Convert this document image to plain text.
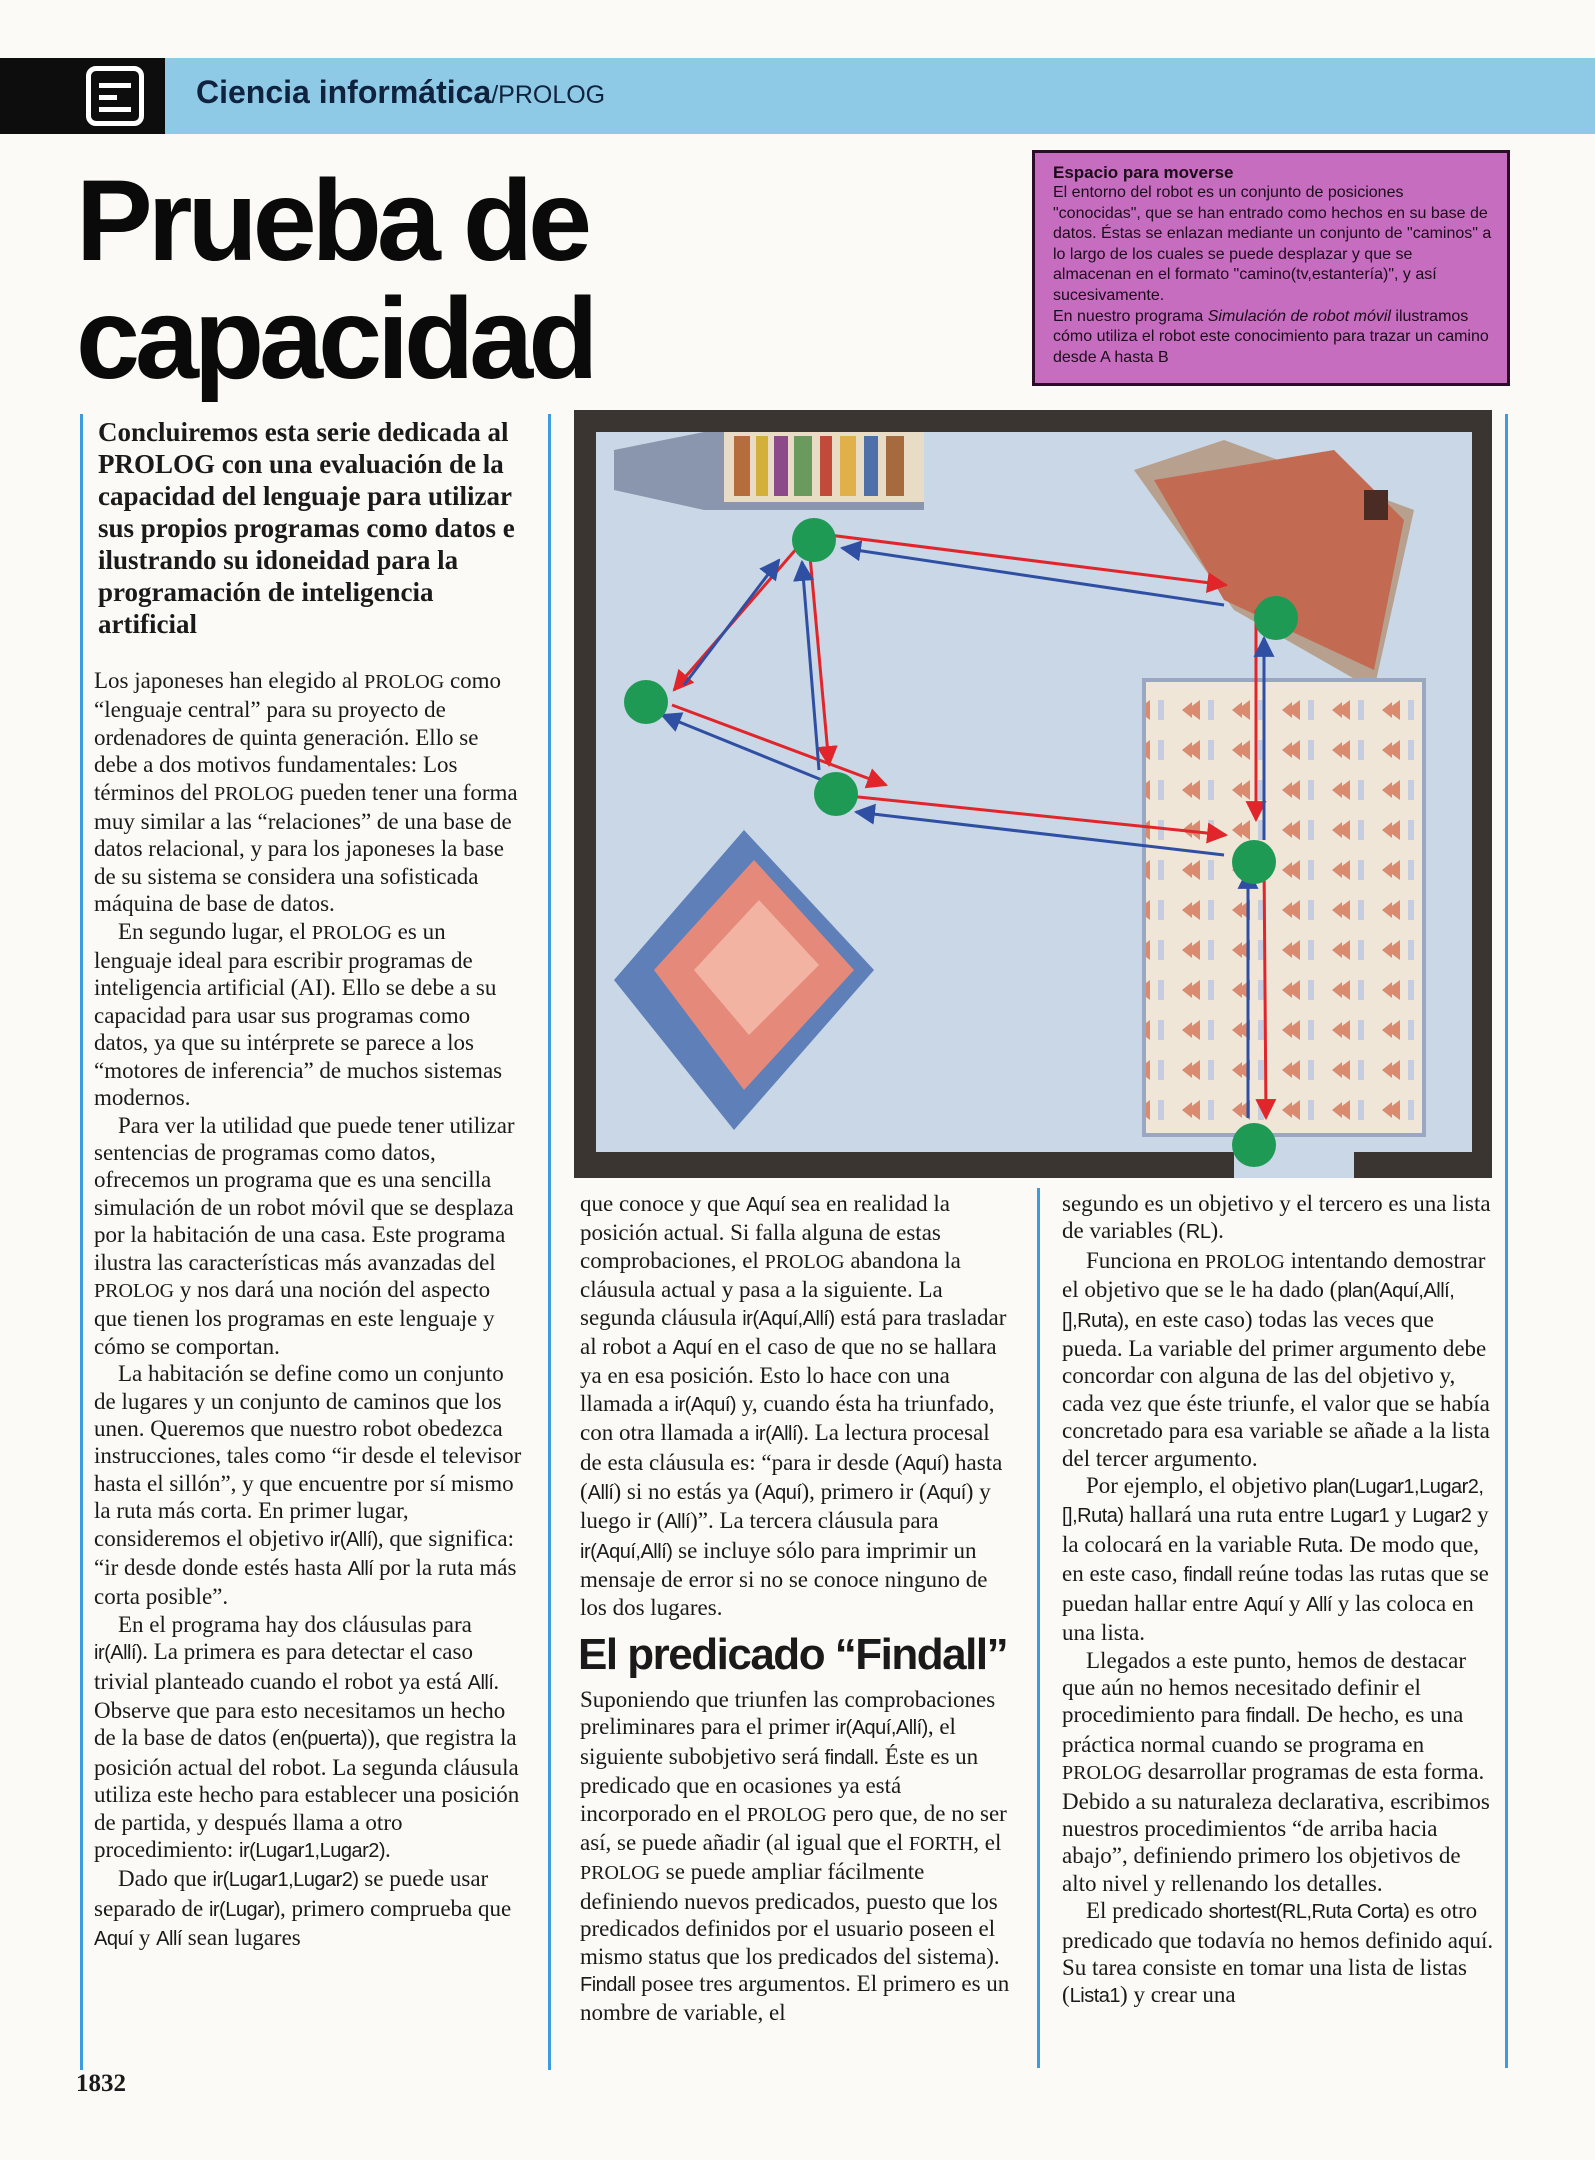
Ciencia informática/PROLOG
Prueba de
capacidad
Espacio para moverse
El entorno del robot es un conjunto de posiciones "conocidas", que se han entrado como hechos en su base de datos. Éstas se enlazan mediante un conjunto de "caminos" a lo largo de los cuales se puede desplazar y que se almacenan en el formato "camino(tv,estantería)", y así sucesivamente.
En nuestro programa Simulación de robot móvil ilustramos cómo utiliza el robot este conocimiento para trazar un camino desde A hasta B
Concluiremos esta serie dedicada al PROLOG con una evaluación de la capacidad del lenguaje para utilizar sus propios programas como datos e ilustrando su idoneidad para la programación de inteligencia artificial

Los japoneses han elegido al PROLOG como “lenguaje central” para su proyecto de ordenadores de quinta generación. Ello se debe a dos motivos fundamentales: Los términos del PROLOG pueden tener una forma muy similar a las “relaciones” de una base de datos relacional, y para los japoneses la base de su sistema se considera una sofisticada máquina de base de datos.

En segundo lugar, el PROLOG es un lenguaje ideal para escribir programas de inteligencia artificial (AI). Ello se debe a su capacidad para usar sus programas como datos, ya que su intérprete se parece a los “motores de inferencia” de muchos sistemas modernos.

Para ver la utilidad que puede tener utilizar sentencias de programas como datos, ofrecemos un programa que es una sencilla simulación de un robot móvil que se desplaza por la habitación de una casa. Este programa ilustra las características más avanzadas del PROLOG y nos dará una noción del aspecto que tienen los programas en este lenguaje y cómo se comportan.

La habitación se define como un conjunto de lugares y un conjunto de caminos que los unen. Queremos que nuestro robot obedezca instrucciones, tales como “ir desde el televisor hasta el sillón”, y que encuentre por sí mismo la ruta más corta. En primer lugar, consideremos el objetivo ir(Allí), que significa: “ir desde donde estés hasta Allí por la ruta más corta posible”.

En el programa hay dos cláusulas para ir(Allí). La primera es para detectar el caso trivial planteado cuando el robot ya está Allí. Observe que para esto necesitamos un hecho de la base de datos (en(puerta)), que registra la posición actual del robot. La segunda cláusula utiliza este hecho para establecer una posición de partida, y después llama a otro procedimiento: ir(Lugar1,Lugar2).

Dado que ir(Lugar1,Lugar2) se puede usar separado de ir(Lugar), primero comprueba que Aquí y Allí sean lugares

que conoce y que Aquí sea en realidad la posición actual. Si falla alguna de estas comprobaciones, el PROLOG abandona la cláusula actual y pasa a la siguiente. La segunda cláusula ir(Aquí,Allí) está para trasladar al robot a Aquí en el caso de que no se hallara ya en esa posición. Esto lo hace con una llamada a ir(Aquí) y, cuando ésta ha triunfado, con otra llamada a ir(Allí). La lectura procesal de esta cláusula es: “para ir desde (Aquí) hasta (Allí) si no estás ya (Aquí), primero ir (Aquí) y luego ir (Allí)”. La tercera cláusula para ir(Aquí,Allí) se incluye sólo para imprimir un mensaje de error si no se conoce ninguno de los dos lugares.

El predicado “Findall”

Suponiendo que triunfen las comprobaciones preliminares para el primer ir(Aquí,Allí), el siguiente subobjetivo será findall. Éste es un predicado que en ocasiones ya está incorporado en el PROLOG pero que, de no ser así, se puede añadir (al igual que el FORTH, el PROLOG se puede ampliar fácilmente definiendo nuevos predicados, puesto que los predicados definidos por el usuario poseen el mismo status que los predicados del sistema). Findall posee tres argumentos. El primero es un nombre de variable, el

segundo es un objetivo y el tercero es una lista de variables (RL).

Funciona en PROLOG intentando demostrar el objetivo que se le ha dado (plan(Aquí,Allí,[],Ruta), en este caso) todas las veces que pueda. La variable del primer argumento debe concordar con alguna de las del objetivo y, cada vez que éste triunfe, el valor que se había concretado para esa variable se añade a la lista del tercer argumento.

Por ejemplo, el objetivo plan(Lugar1,Lugar2,[],Ruta) hallará una ruta entre Lugar1 y Lugar2 y la colocará en la variable Ruta. De modo que, en este caso, findall reúne todas las rutas que se puedan hallar entre Aquí y Allí y las coloca en una lista.

Llegados a este punto, hemos de destacar que aún no hemos necesitado definir el procedimiento para findall. De hecho, es una práctica normal cuando se programa en PROLOG desarrollar programas de esta forma. Debido a su naturaleza declarativa, escribimos nuestros procedimientos “de arriba hacia abajo”, definiendo primero los objetivos de alto nivel y rellenando los detalles.

El predicado shortest(RL,Ruta Corta) es otro predicado que todavía no hemos definido aquí. Su tarea consiste en tomar una lista de listas (Lista1) y crear una

1832
